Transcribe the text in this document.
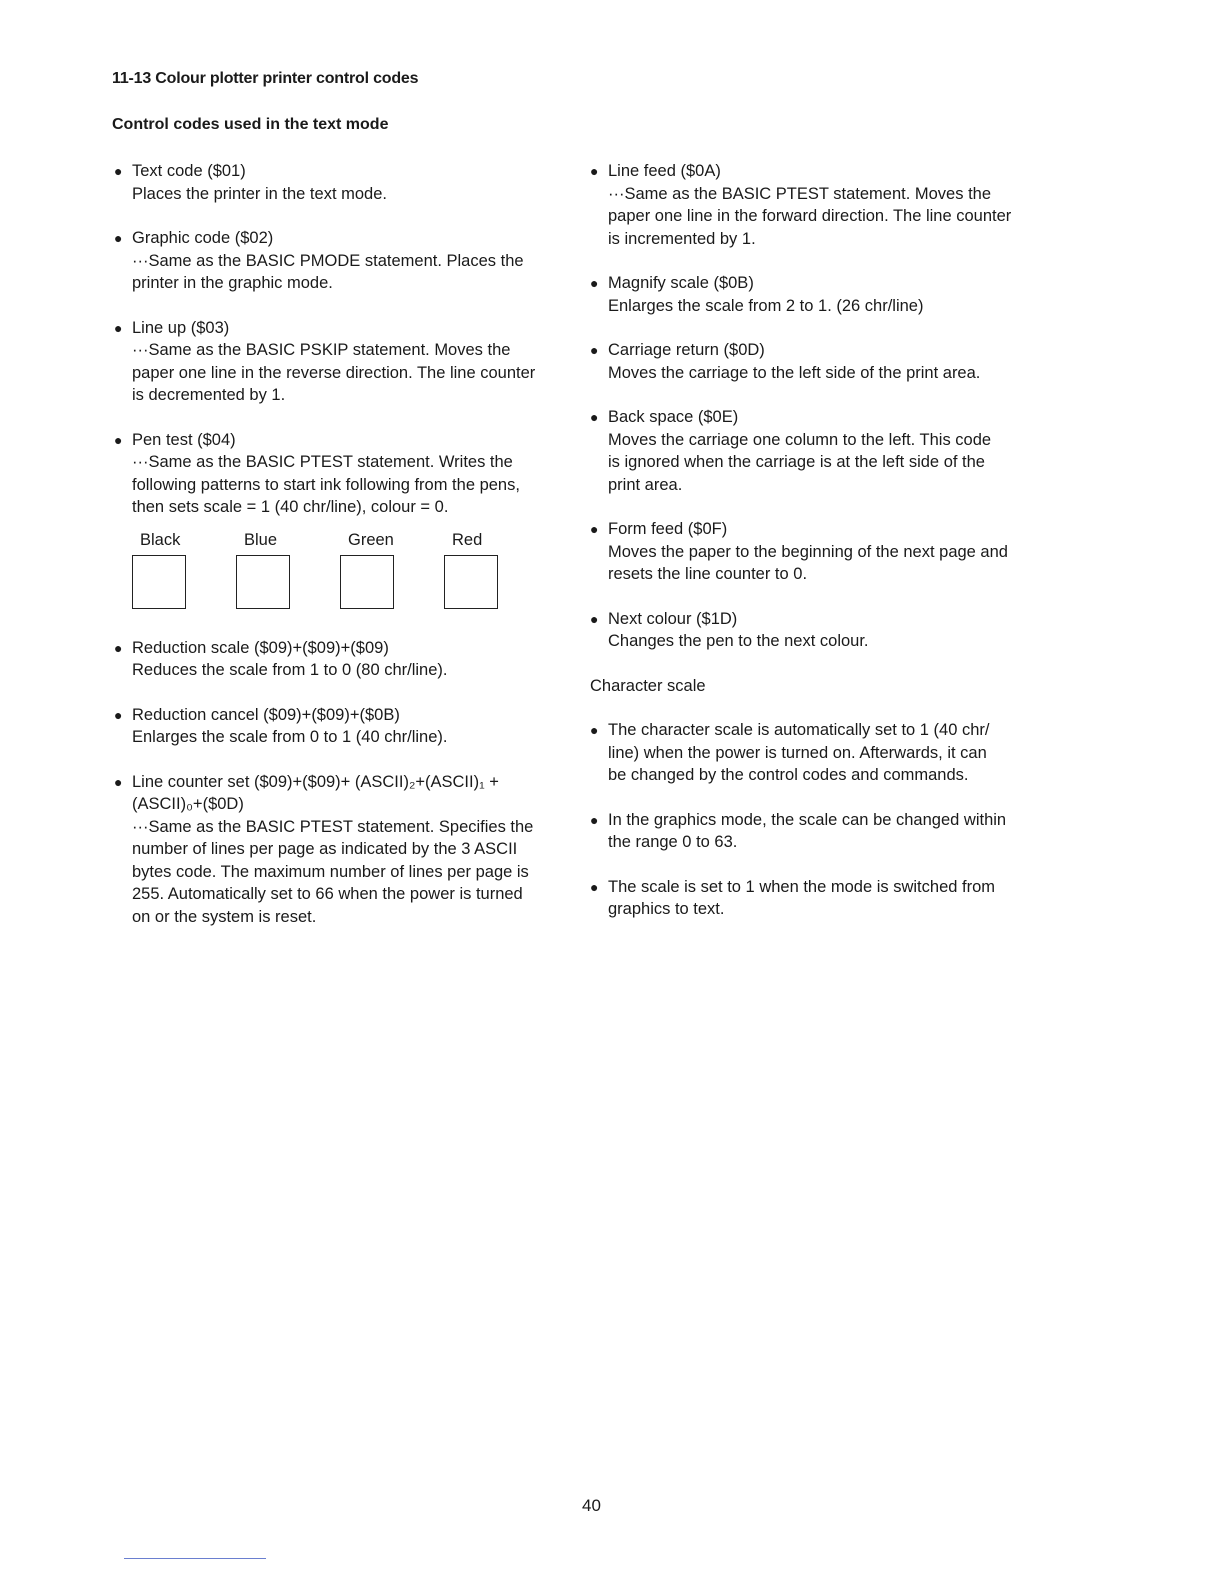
11-13 Colour plotter printer control codes
Control codes used in the text mode
● Text code ($01)
Places the printer in the text mode.
● Graphic code ($02)
···Same as the BASIC PMODE statement. Places the
printer in the graphic mode.
● Line up ($03)
···Same as the BASIC PSKIP statement. Moves the
paper one line in the reverse direction. The line counter
is decremented by 1.
● Pen test ($04)
···Same as the BASIC PTEST statement. Writes the
following patterns to start ink following from the pens,
then sets scale = 1 (40 chr/line), colour = 0.
Black	Blue	Green	Red
● Reduction scale ($09)+($09)+($09)
Reduces the scale from 1 to 0 (80 chr/line).
● Reduction cancel ($09)+($09)+($0B)
Enlarges the scale from 0 to 1 (40 chr/line).
● Line counter set ($09)+($09)+ (ASCII)₂+(ASCII)₁ +
(ASCII)₀+($0D)
···Same as the BASIC PTEST statement. Specifies the
number of lines per page as indicated by the 3 ASCII
bytes code. The maximum number of lines per page is
255. Automatically set to 66 when the power is turned
on or the system is reset.
● Line feed ($0A)
···Same as the BASIC PTEST statement. Moves the
paper one line in the forward direction. The line counter
is incremented by 1.
● Magnify scale ($0B)
Enlarges the scale from 2 to 1. (26 chr/line)
● Carriage return ($0D)
Moves the carriage to the left side of the print area.
● Back space ($0E)
Moves the carriage one column to the left. This code
is ignored when the carriage is at the left side of the
print area.
● Form feed ($0F)
Moves the paper to the beginning of the next page and
resets the line counter to 0.
● Next colour ($1D)
Changes the pen to the next colour.
Character scale
● The character scale is automatically set to 1 (40 chr/
line) when the power is turned on. Afterwards, it can
be changed by the control codes and commands.
● In the graphics mode, the scale can be changed within
the range 0 to 63.
● The scale is set to 1 when the mode is switched from
graphics to text.

40
